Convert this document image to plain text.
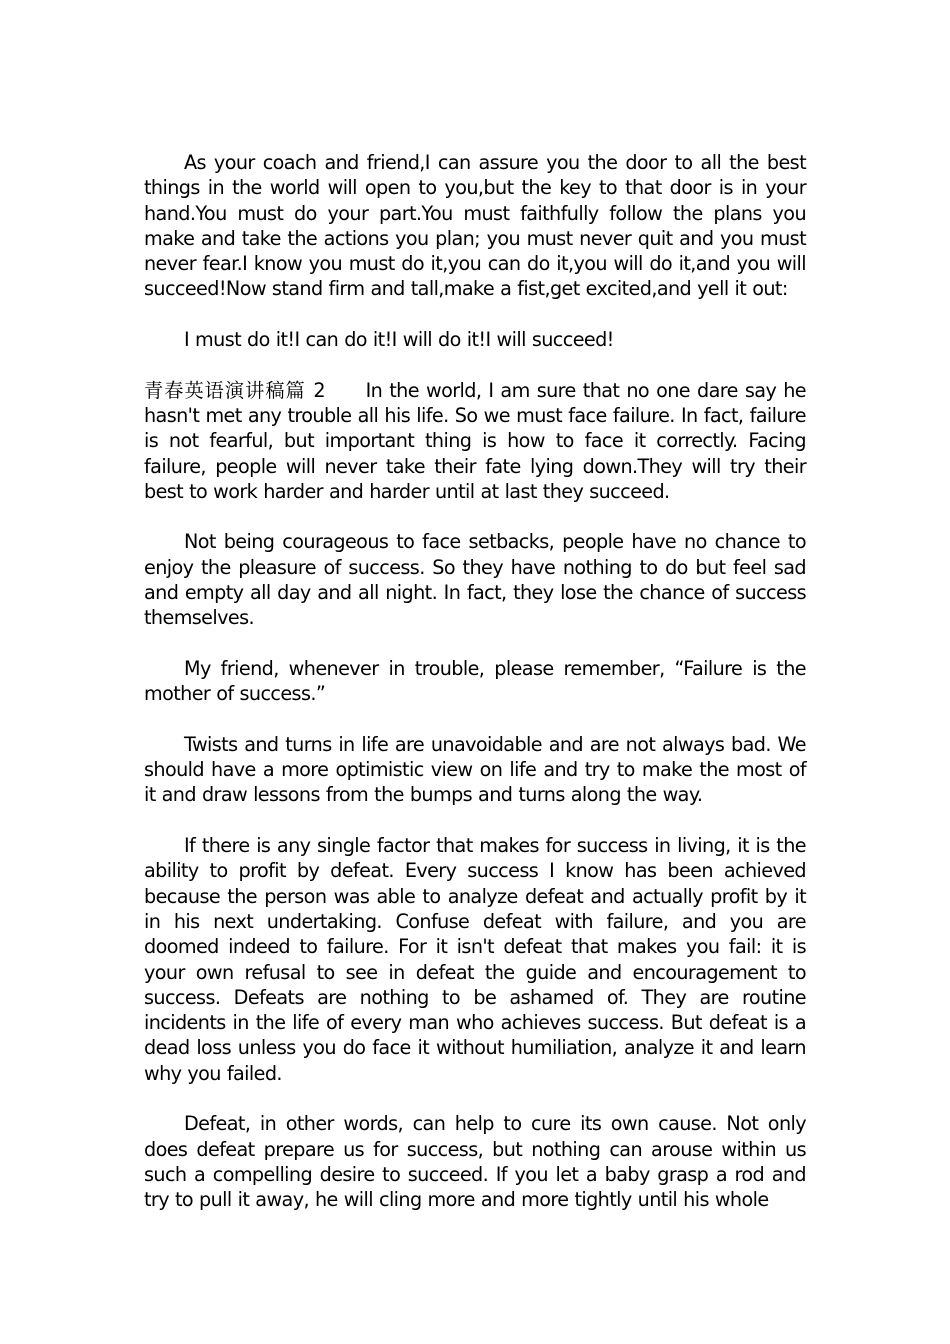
As your coach and friend,I can assure you the door to all the best things in the world will open to you,but the key to that door is in your hand.You must do your part.You must faithfully follow the plans you make and take the actions you plan; you must never quit and you must never fear.I know you must do it,you can do it,you will do it,and you will succeed!Now stand firm and tall,make a fist,get excited,and yell it out:

I must do it!I can do it!I will do it!I will succeed!

青春英语演讲稿篇 2 In the world, I am sure that no one dare say he hasn't met any trouble all his life. So we must face failure. In fact, failure is not fearful, but important thing is how to face it correctly. Facing failure, people will never take their fate lying down.They will try their best to work harder and harder until at last they succeed.

Not being courageous to face setbacks, people have no chance to enjoy the pleasure of success. So they have nothing to do but feel sad and empty all day and all night. In fact, they lose the chance of success themselves.

My friend, whenever in trouble, please remember, “Failure is the mother of success.”

Twists and turns in life are unavoidable and are not always bad. We should have a more optimistic view on life and try to make the most of it and draw lessons from the bumps and turns along the way.

If there is any single factor that makes for success in living, it is the ability to profit by defeat. Every success I know has been achieved because the person was able to analyze defeat and actually profit by it in his next undertaking. Confuse defeat with failure, and you are doomed indeed to failure. For it isn't defeat that makes you fail: it is your own refusal to see in defeat the guide and encouragement to success. Defeats are nothing to be ashamed of. They are routine incidents in the life of every man who achieves success. But defeat is a dead loss unless you do face it without humiliation, analyze it and learn why you failed.

Defeat, in other words, can help to cure its own cause. Not only does defeat prepare us for success, but nothing can arouse within us such a compelling desire to succeed. If you let a baby grasp a rod and try to pull it away, he will cling more and more tightly until his whole
